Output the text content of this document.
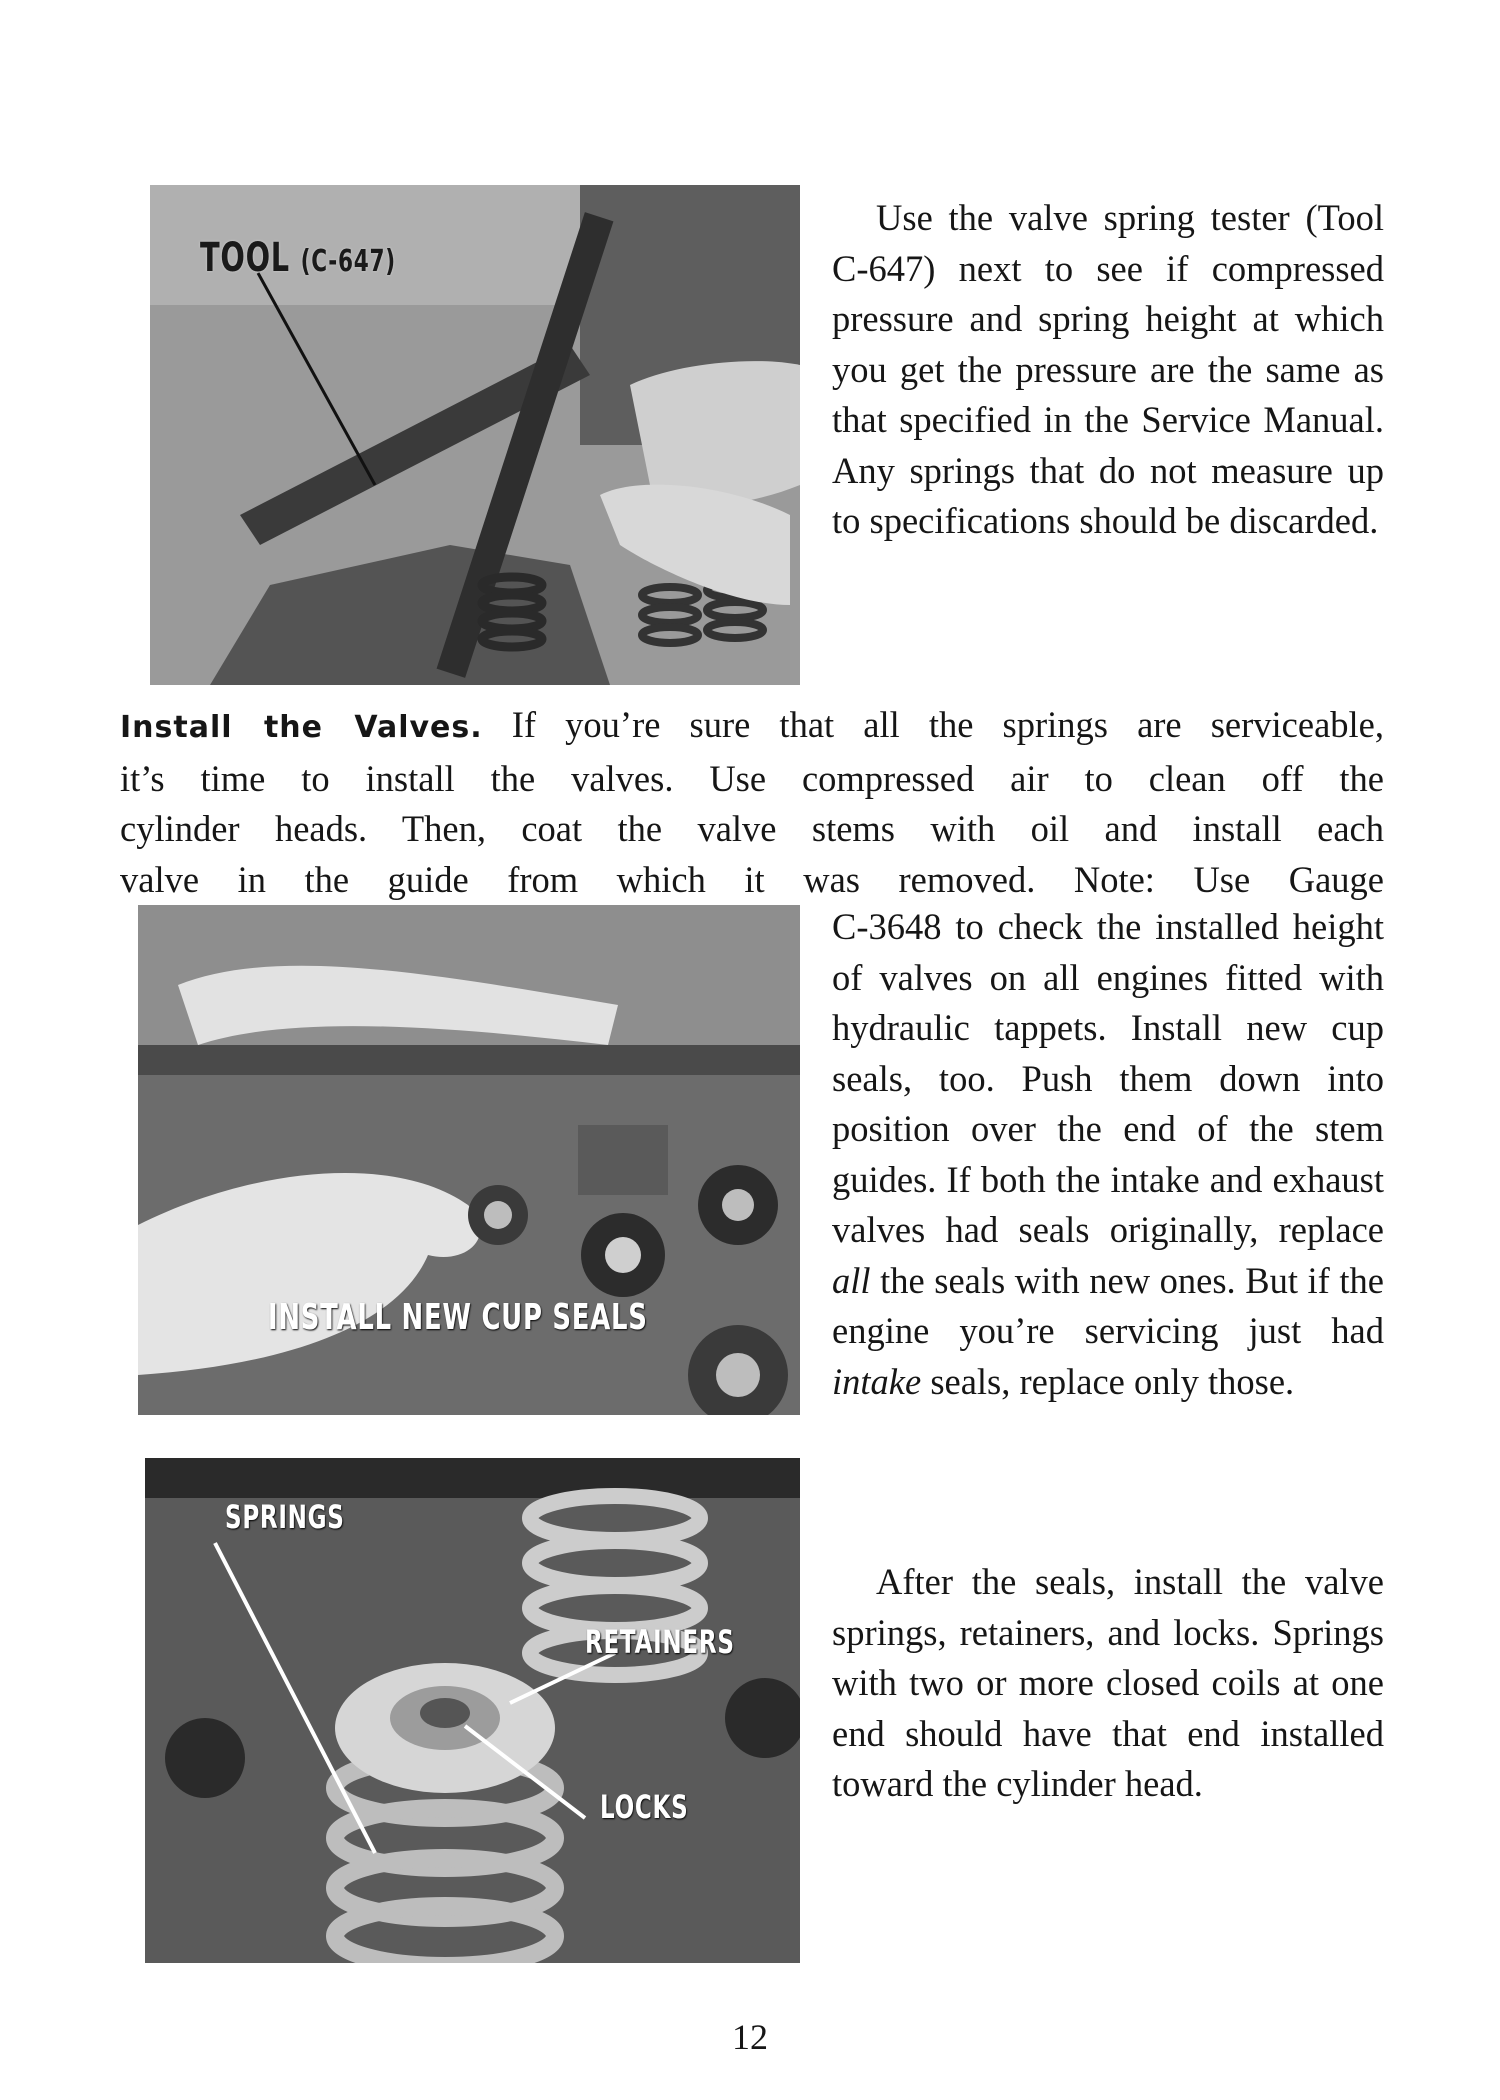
TOOL (C-647)
Use the valve spring tester (Tool C-647) next to see if compressed pressure and spring height at which you get the pressure are the same as that specified in the Service Manual. Any springs that do not measure up to specifications should be discarded.

Install the Valves. If you’re sure that all the springs are serviceable,

it’s time to install the valves. Use compressed air to clean off the

cylinder heads. Then, coat the valve stems with oil and install each

valve in the guide from which it was removed. Note: Use Gauge

INSTALL NEW CUP SEALS
SPRINGS
RETAINERS
LOCKS
C-3648 to check the installed height of valves on all engines fitted with hydraulic tappets. Install new cup seals, too. Push them down into position over the end of the stem guides. If both the intake and exhaust valves had seals originally, replace all the seals with new ones. But if the engine you’re servicing just had intake seals, replace only those.
After the seals, install the valve springs, retainers, and locks. Springs with two or more closed coils at one end should have that end installed toward the cylinder head.
12
